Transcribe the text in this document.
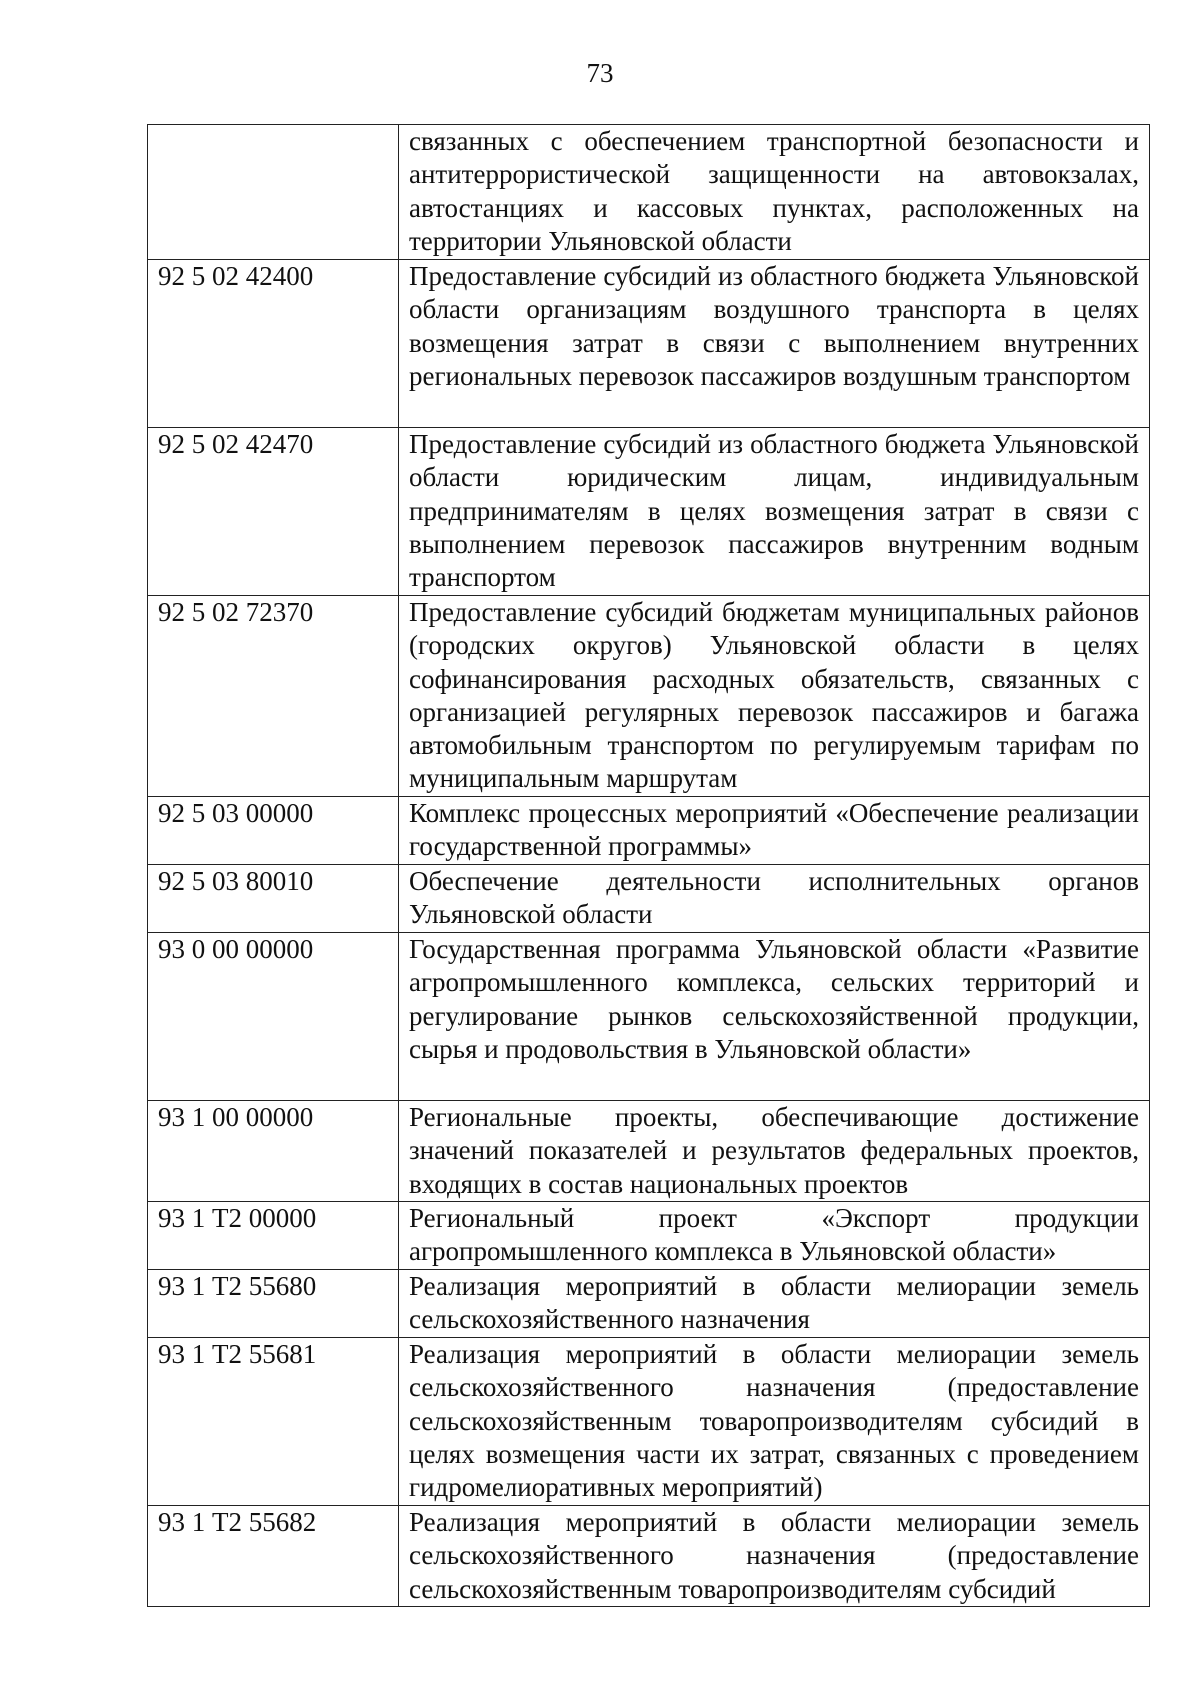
73
	связанных с обеспечением транспортной безопасности и антитеррористической защищенности на автовокзалах, автостанциях и кассовых пунктах, расположенных на территории Ульяновской области
92 5 02 42400	Предоставление субсидий из областного бюджета Ульяновской области организациям воздушного транспорта в целях возмещения затрат в связи с выполнением внутренних региональных перевозок пассажиров воздушным транспортом
92 5 02 42470	Предоставление субсидий из областного бюджета Ульяновской области юридическим лицам, индивидуальным предпринимателям в целях возмещения затрат в связи с выполнением перевозок пассажиров внутренним водным транспортом
92 5 02 72370	Предоставление субсидий бюджетам муниципальных районов (городских округов) Ульяновской области в целях софинансирования расходных обязательств, связанных с организацией регулярных перевозок пассажиров и багажа автомобильным транспортом по регулируемым тарифам по муниципальным маршрутам
92 5 03 00000	Комплекс процессных мероприятий «Обеспечение реализации государственной программы»
92 5 03 80010	Обеспечение деятельности исполнительных органов Ульяновской области
93 0 00 00000	Государственная программа Ульяновской области «Развитие агропромышленного комплекса, сельских территорий и регулирование рынков сельскохозяйственной продукции, сырья и продовольствия в Ульяновской области»
93 1 00 00000	Региональные проекты, обеспечивающие достижение значений показателей и результатов федеральных проектов, входящих в состав национальных проектов
93 1 Т2 00000	Региональный проект «Экспорт продукции агропромышленного комплекса в Ульяновской области»
93 1 Т2 55680	Реализация мероприятий в области мелиорации земель сельскохозяйственного назначения
93 1 Т2 55681	Реализация мероприятий в области мелиорации земель сельскохозяйственного назначения (предоставление сельскохозяйственным товаропроизводителям субсидий в целях возмещения части их затрат, связанных с проведением гидромелиоративных мероприятий)
93 1 Т2 55682	Реализация мероприятий в области мелиорации земель сельскохозяйственного назначения (предоставление сельскохозяйственным товаропроизводителям субсидий
